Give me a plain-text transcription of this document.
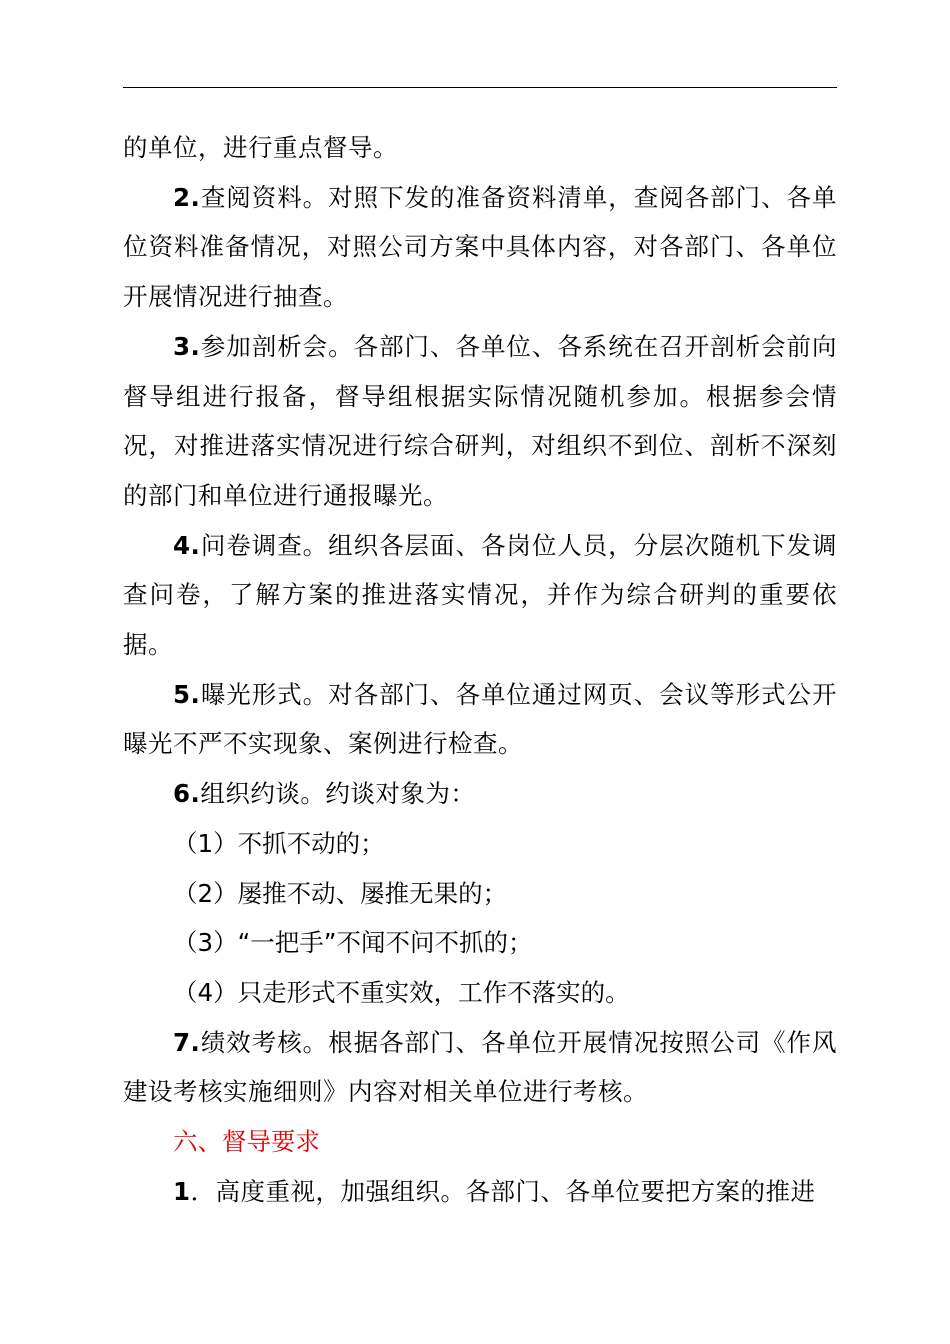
的单位，进行重点督导。

2.查阅资料。对照下发的准备资料清单，查阅各部门、各单位资料准备情况，对照公司方案中具体内容，对各部门、各单位开展情况进行抽查。

3.参加剖析会。各部门、各单位、各系统在召开剖析会前向督导组进行报备，督导组根据实际情况随机参加。根据参会情况，对推进落实情况进行综合研判，对组织不到位、剖析不深刻的部门和单位进行通报曝光。

4.问卷调查。组织各层面、各岗位人员，分层次随机下发调查问卷，了解方案的推进落实情况，并作为综合研判的重要依据。

5.曝光形式。对各部门、各单位通过网页、会议等形式公开曝光不严不实现象、案例进行检查。

6.组织约谈。约谈对象为：

（1）不抓不动的；

（2）屡推不动、屡推无果的；

（3）“一把手”不闻不问不抓的；

（4）只走形式不重实效，工作不落实的。

7.绩效考核。根据各部门、各单位开展情况按照公司《作风建设考核实施细则》内容对相关单位进行考核。

六、督导要求

1．高度重视，加强组织。各部门、各单位要把方案的推进
